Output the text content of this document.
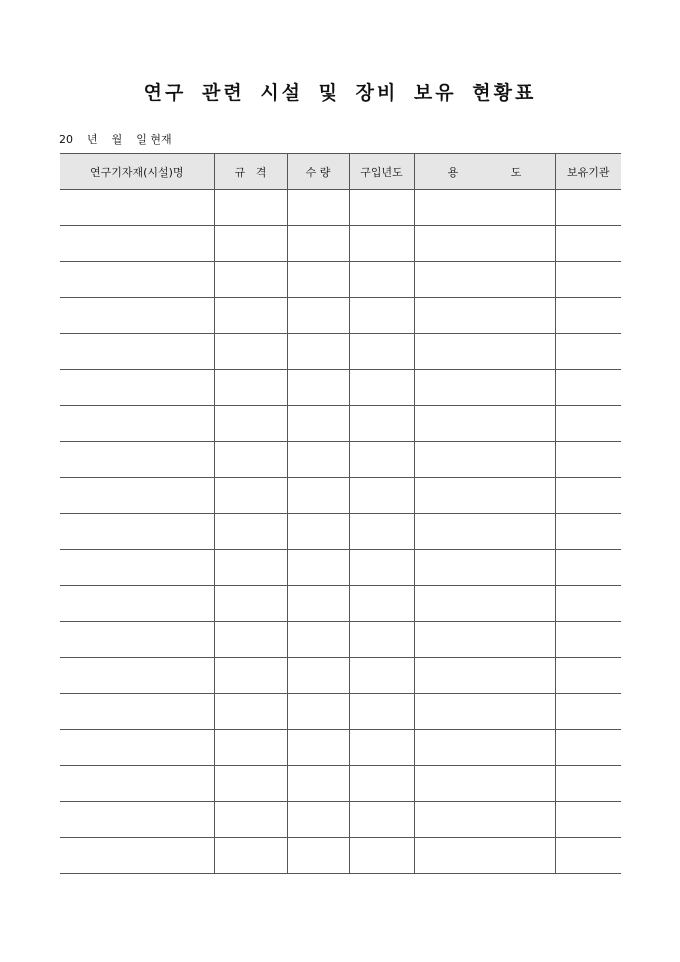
연구 관련 시설 및 장비 보유 현황표
20    년    월    일 현재
연구기자재(시설)명	규   격	수 량	구입년도	용               도	보유기관
